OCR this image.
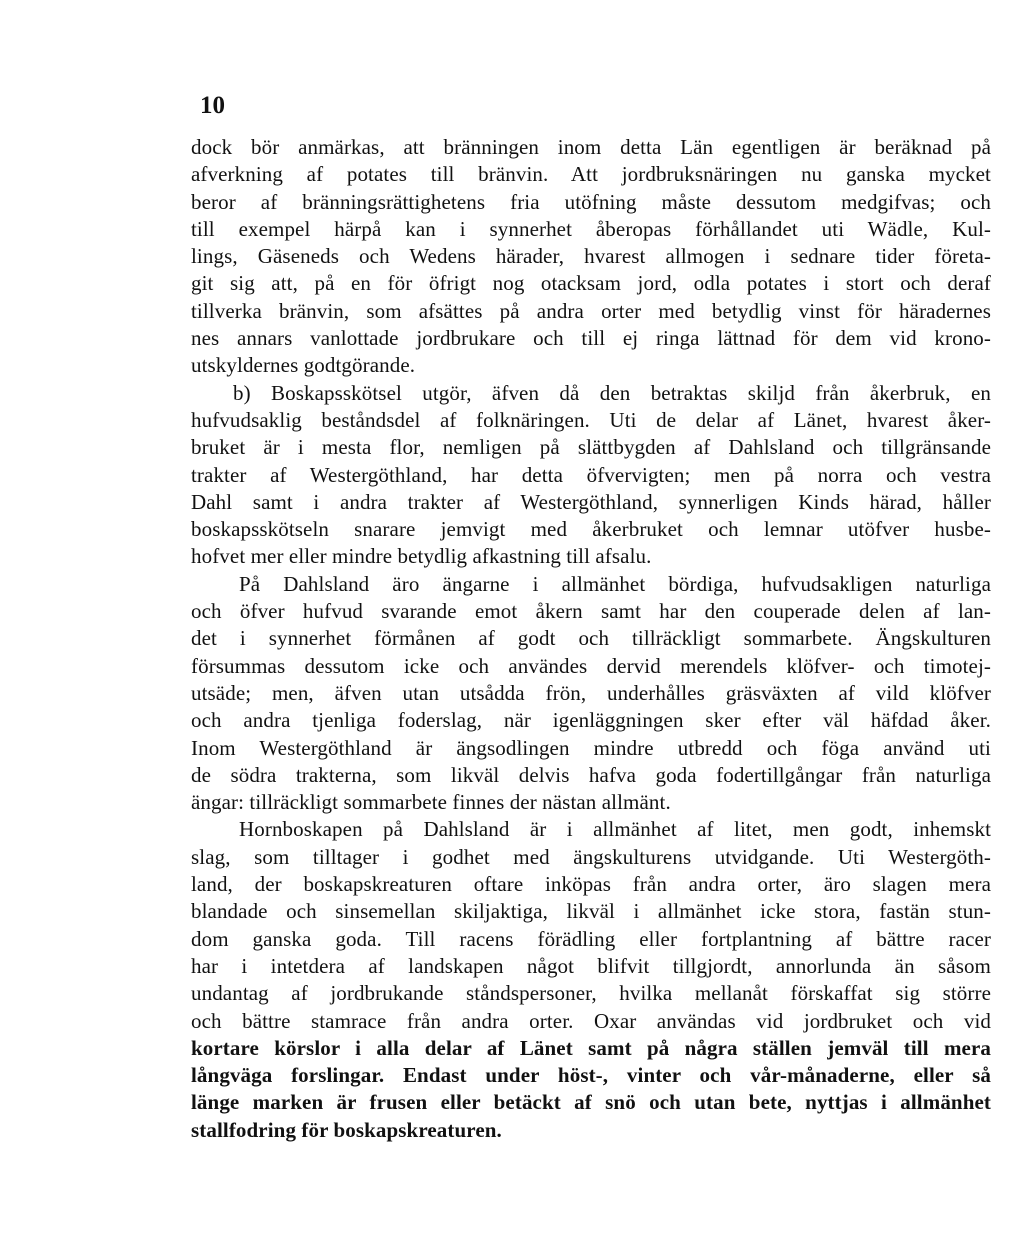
10
dock bör anmärkas, att bränningen inom detta Län egentligen är beräknad på
afverkning af potates till bränvin. Att jordbruksnäringen nu ganska mycket
beror af bränningsrättighetens fria utöfning måste dessutom medgifvas; och
till exempel härpå kan i synnerhet åberopas förhållandet uti Wädle, Kul-
lings, Gäseneds och Wedens härader, hvarest allmogen i sednare tider företa-
git sig att, på en för öfrigt nog otacksam jord, odla potates i stort och deraf
tillverka bränvin, som afsättes på andra orter med betydlig vinst för häradernes
nes annars vanlottade jordbrukare och till ej ringa lättnad för dem vid krono-
utskyldernes godtgörande.
b) Boskapsskötsel utgör, äfven då den betraktas skiljd från åkerbruk, en
hufvudsaklig beståndsdel af folknäringen. Uti de delar af Länet, hvarest åker-
bruket är i mesta flor, nemligen på slättbygden af Dahlsland och tillgränsande
trakter af Westergöthland, har detta öfvervigten; men på norra och vestra
Dahl samt i andra trakter af Westergöthland, synnerligen Kinds härad, håller
boskapsskötseln snarare jemvigt med åkerbruket och lemnar utöfver husbe-
hofvet mer eller mindre betydlig afkastning till afsalu.
På Dahlsland äro ängarne i allmänhet bördiga, hufvudsakligen naturliga
och öfver hufvud svarande emot åkern samt har den couperade delen af lan-
det i synnerhet förmånen af godt och tillräckligt sommarbete. Ängskulturen
försummas dessutom icke och användes dervid merendels klöfver- och timotej-
utsäde; men, äfven utan utsådda frön, underhålles gräsväxten af vild klöfver
och andra tjenliga foderslag, när igenläggningen sker efter väl häfdad åker.
Inom Westergöthland är ängsodlingen mindre utbredd och föga använd uti
de södra trakterna, som likväl delvis hafva goda fodertillgångar från naturliga
ängar: tillräckligt sommarbete finnes der nästan allmänt.
Hornboskapen på Dahlsland är i allmänhet af litet, men godt, inhemskt
slag, som tilltager i godhet med ängskulturens utvidgande. Uti Westergöth-
land, der boskapskreaturen oftare inköpas från andra orter, äro slagen mera
blandade och sinsemellan skiljaktiga, likväl i allmänhet icke stora, fastän stun-
dom ganska goda. Till racens förädling eller fortplantning af bättre racer
har i intetdera af landskapen något blifvit tillgjordt, annorlunda än såsom
undantag af jordbrukande ståndspersoner, hvilka mellanåt förskaffat sig större
och bättre stamrace från andra orter. Oxar användas vid jordbruket och vid
kortare körslor i alla delar af Länet samt på några ställen jemväl till mera
långväga forslingar. Endast under höst-, vinter och vår-månaderne, eller så
länge marken är frusen eller betäckt af snö och utan bete, nyttjas i allmänhet
stallfodring för boskapskreaturen.
